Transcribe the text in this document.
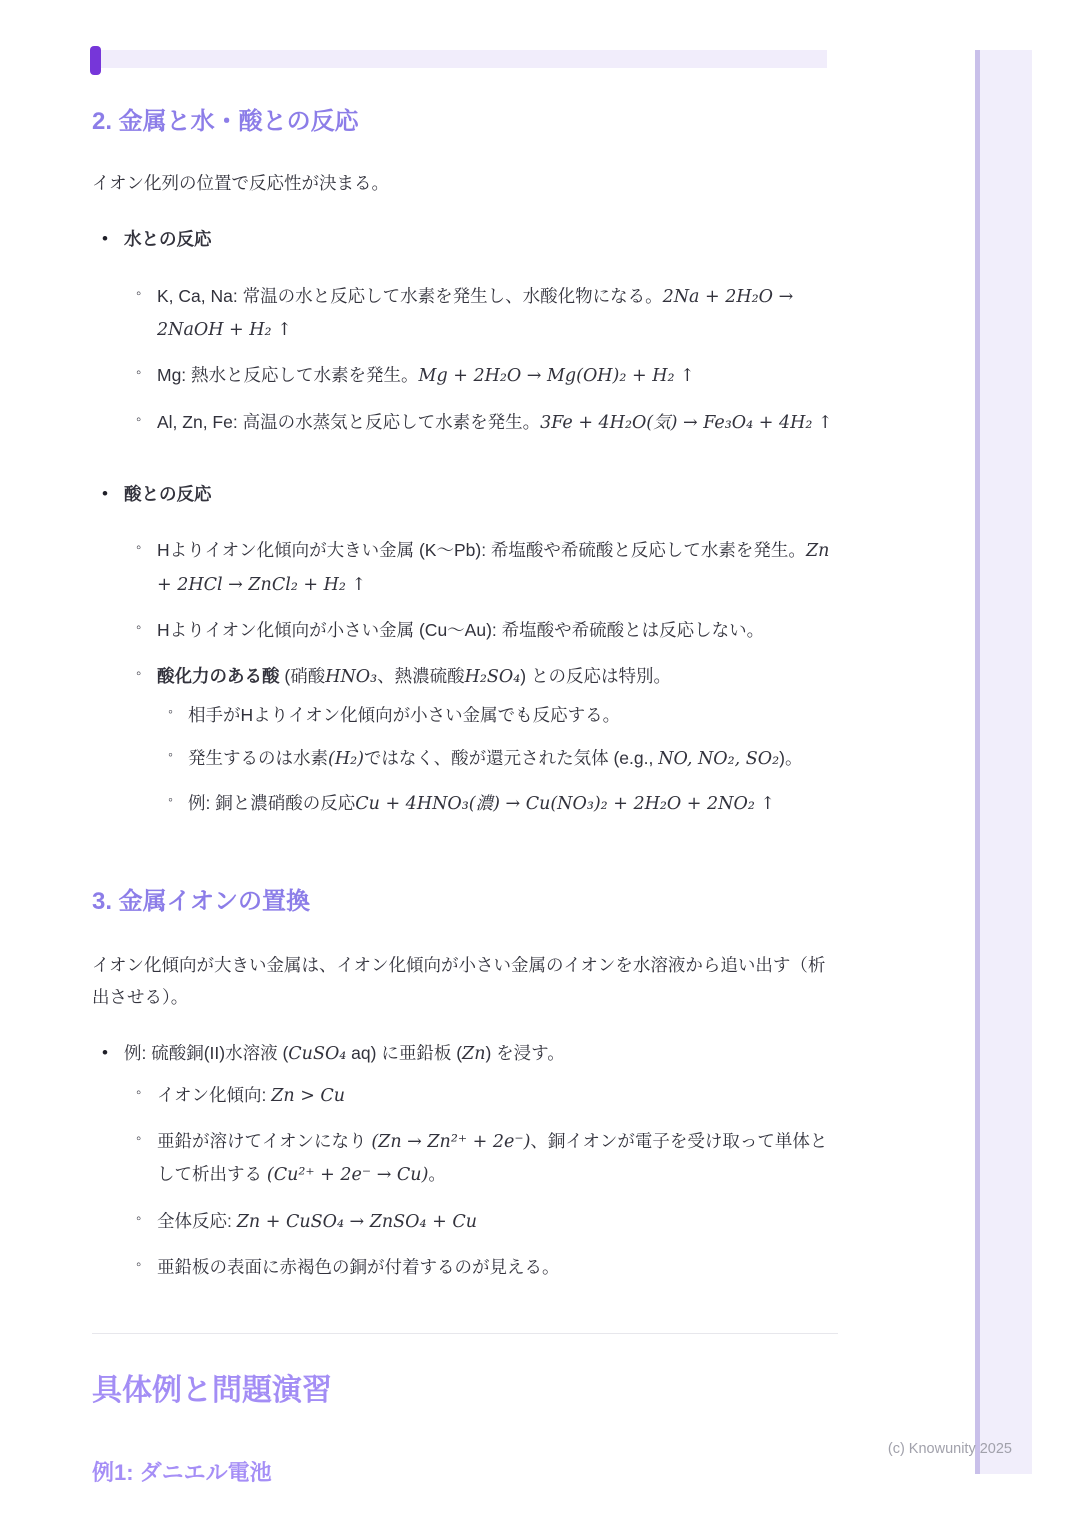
2. 金属と水・酸との反応

イオン化列の位置で反応性が決まる。

• 水との反応
◦ K, Ca, Na: 常温の水と反応して水素を発生し、水酸化物になる。2Na + 2H₂O → 2NaOH + H₂ ↑
◦ Mg: 熱水と反応して水素を発生。Mg + 2H₂O → Mg(OH)₂ + H₂ ↑
◦ Al, Zn, Fe: 高温の水蒸気と反応して水素を発生。3Fe + 4H₂O(気) → Fe₃O₄ + 4H₂ ↑
• 酸との反応
◦ Hよりイオン化傾向が大きい金属 (K〜Pb): 希塩酸や希硫酸と反応して水素を発生。Zn + 2HCl → ZnCl₂ + H₂ ↑
◦ Hよりイオン化傾向が小さい金属 (Cu〜Au): 希塩酸や希硫酸とは反応しない。
◦ 酸化力のある酸 (硝酸HNO₃、熱濃硫酸H₂SO₄) との反応は特別。
◦ 相手がHよりイオン化傾向が小さい金属でも反応する。
◦ 発生するのは水素(H₂)ではなく、酸が還元された気体 (e.g., NO, NO₂, SO₂)。
◦ 例: 銅と濃硝酸の反応Cu + 4HNO₃(濃) → Cu(NO₃)₂ + 2H₂O + 2NO₂ ↑
3. 金属イオンの置換

イオン化傾向が大きい金属は、イオン化傾向が小さい金属のイオンを水溶液から追い出す（析出させる）。

• 例: 硫酸銅(II)水溶液 (CuSO₄ aq) に亜鉛板 (Zn) を浸す。
◦ イオン化傾向: Zn > Cu
◦ 亜鉛が溶けてイオンになり (Zn → Zn²⁺ + 2e⁻)、銅イオンが電子を受け取って単体として析出する (Cu²⁺ + 2e⁻ → Cu)。
◦ 全体反応: Zn + CuSO₄ → ZnSO₄ + Cu
◦ 亜鉛板の表面に赤褐色の銅が付着するのが見える。
具体例と問題演習
例1: ダニエル電池
(c) Knowunity 2025
